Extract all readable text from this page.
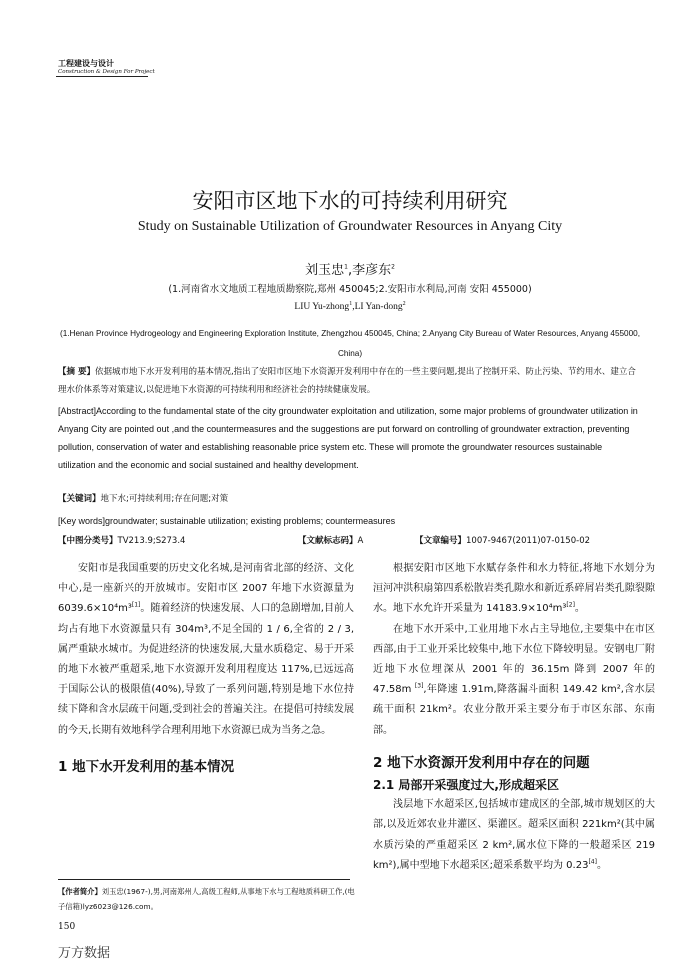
工程建设与设计
Construction & Design For Project
安阳市区地下水的可持续利用研究
Study on Sustainable Utilization of Groundwater Resources in Anyang City
刘玉忠$^1$,李彦东$^2$
(1.河南省水文地质工程地质勘察院,郑州 450045;2.安阳市水利局,河南 安阳 455000)
LIU Yu-zhong$^1$,LI Yan-dong$^2$
(1.Henan Province Hydrogeology and Engineering Exploration Institute, Zhengzhou 450045, China; 2.Anyang City Bureau of Water Resources, Anyang 455000, China)
【摘 要】依据城市地下水开发利用的基本情况,指出了安阳市区地下水资源开发利用中存在的一些主要问题,提出了控制开采、防止污染、节约用水、建立合理水价体系等对策建议,以促进地下水资源的可持续利用和经济社会的持续健康发展。
[Abstract]According to the fundamental state of the city groundwater exploitation and utilization, some major problems of groundwater utilization in Anyang City are pointed out ,and the countermeasures and the suggestions are put forward on controlling of groundwater extraction, preventing pollution, conservation of water and establishing reasonable price system etc. These will promote the groundwater resources sustainable utilization and the economic and social sustained and healthy development.
【关键词】地下水;可持续利用;存在问题;对策
[Key words]groundwater; sustainable utilization; existing problems; countermeasures
【中图分类号】TV213.9;S273.4	【文献标志码】A	【文章编号】1007-9467(2011)07-0150-02

安阳市是我国重要的历史文化名城,是河南省北部的经济、文化中心,是一座新兴的开放城市。安阳市区 2007 年地下水资源量为 6039.6×10⁴m³[1]。随着经济的快速发展、人口的急剧增加,目前人均占有地下水资源量只有 304m³,不足全国的 1 / 6,全省的 2 / 3,属严重缺水城市。为促进经济的快速发展,大量水质稳定、易于开采的地下水被严重超采,地下水资源开发利用程度达 117%,已远远高于国际公认的极限值(40%),导致了一系列问题,特别是地下水位持续下降和含水层疏干问题,受到社会的普遍关注。在提倡可持续发展的今天,长期有效地科学合理利用地下水资源已成为当务之急。

1 地下水开发利用的基本情况

根据安阳市区地下水赋存条件和水力特征,将地下水划分为洹河冲洪积扇第四系松散岩类孔隙水和新近系碎屑岩类孔隙裂隙水。地下水允许开采量为 14183.9×10⁴m³[2]。

在地下水开采中,工业用地下水占主导地位,主要集中在市区西部,由于工业开采比较集中,地下水位下降较明显。安钢电厂附近地下水位埋深从 2001 年的 36.15m 降到 2007 年的 47.58m [3],年降速 1.91m,降落漏斗面积 149.42 km²,含水层疏干面积 21km²。农业分散开采主要分布于市区东部、东南部。

2 地下水资源开发利用中存在的问题
2.1 局部开采强度过大,形成超采区

浅层地下水超采区,包括城市建成区的全部,城市规划区的大部,以及近郊农业井灌区、渠灌区。超采区面积 221km²(其中属水质污染的严重超采区 2 km²,属水位下降的一般超采区 219 km²),属中型地下水超采区;超采系数平均为 0.23[4]。

【作者简介】刘玉忠(1967-),男,河南郑州人,高级工程师,从事地下水与工程地质科研工作,(电子信箱)lyz6023@126.com。
150
万方数据
